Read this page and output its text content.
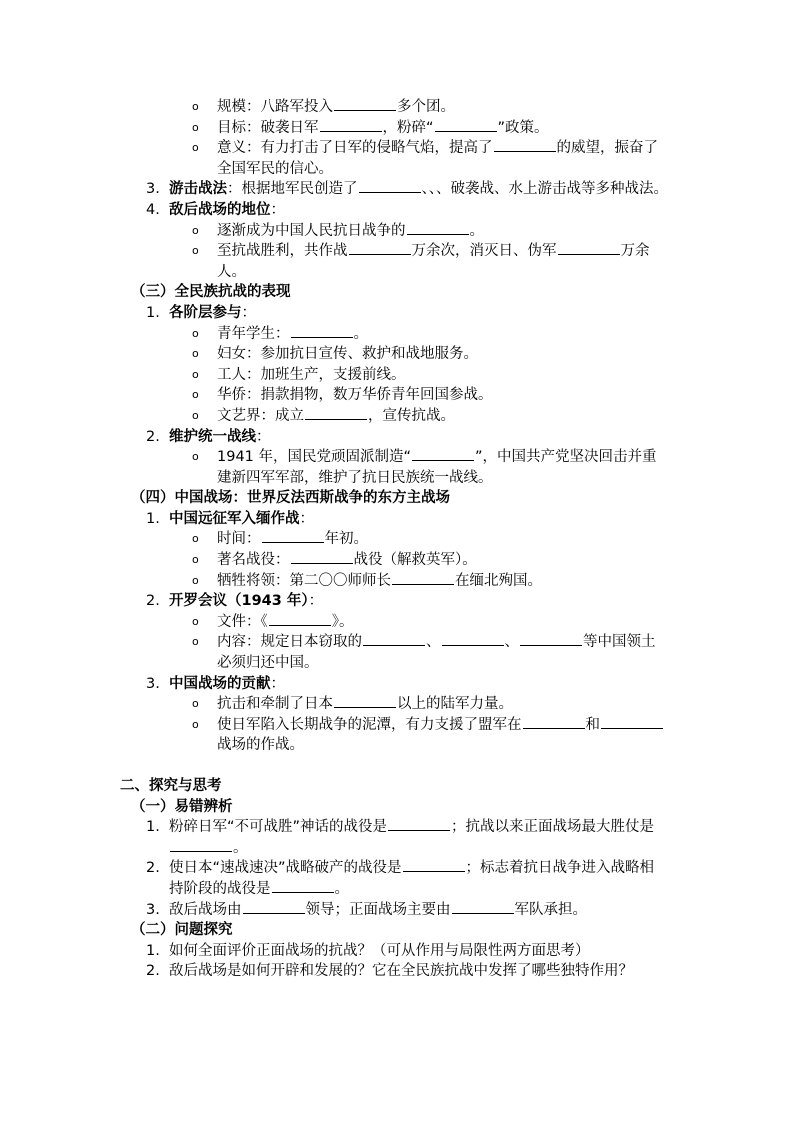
o 规模：八路军投入	多个团。
o 目标：破袭日军	，粉碎“	”政策。
o 意义：有力打击了日军的侵略气焰，提高了	的威望，振奋了全国军民的信心。
3. 游击战法：根据地军民创造了	、、、破袭战、水上游击战等多种战法。
4. 敌后战场的地位：
o 逐渐成为中国人民抗日战争的	。
o 至抗战胜利，共作战	万余次，消灭日、伪军	万余人。
（三）全民族抗战的表现
1. 各阶层参与：
o 青年学生：	。
o 妇女：参加抗日宣传、救护和战地服务。
o 工人：加班生产，支援前线。
o 华侨：捐款捐物，数万华侨青年回国参战。
o 文艺界：成立	，宣传抗战。
2. 维护统一战线：
o 1941 年，国民党顽固派制造“	”，中国共产党坚决回击并重建新四军军部，维护了抗日民族统一战线。
（四）中国战场：世界反法西斯战争的东方主战场
1. 中国远征军入缅作战：
o 时间：	年初。
o 著名战役：	战役（解救英军）。
o 牺牲将领：第二〇〇师师长	在缅北殉国。
2. 开罗会议（1943 年）：
o 文件：《	》。
o 内容：规定日本窃取的	、	、	等中国领土必须归还中国。
3. 中国战场的贡献：
o 抗击和牵制了日本	以上的陆军力量。
o 使日军陷入长期战争的泥潭，有力支援了盟军在	和战场的作战。
二、探究与思考
（一）易错辨析
1. 粉碎日军“不可战胜”神话的战役是	；抗战以来正面战场最大胜仗是。
2. 使日本“速战速决”战略破产的战役是	；标志着抗日战争进入战略相持阶段的战役是	。
3. 敌后战场由	领导；正面战场主要由	军队承担。
（二）问题探究
1. 如何全面评价正面战场的抗战？（可从作用与局限性两方面思考）
2. 敌后战场是如何开辟和发展的？它在全民族抗战中发挥了哪些独特作用？
